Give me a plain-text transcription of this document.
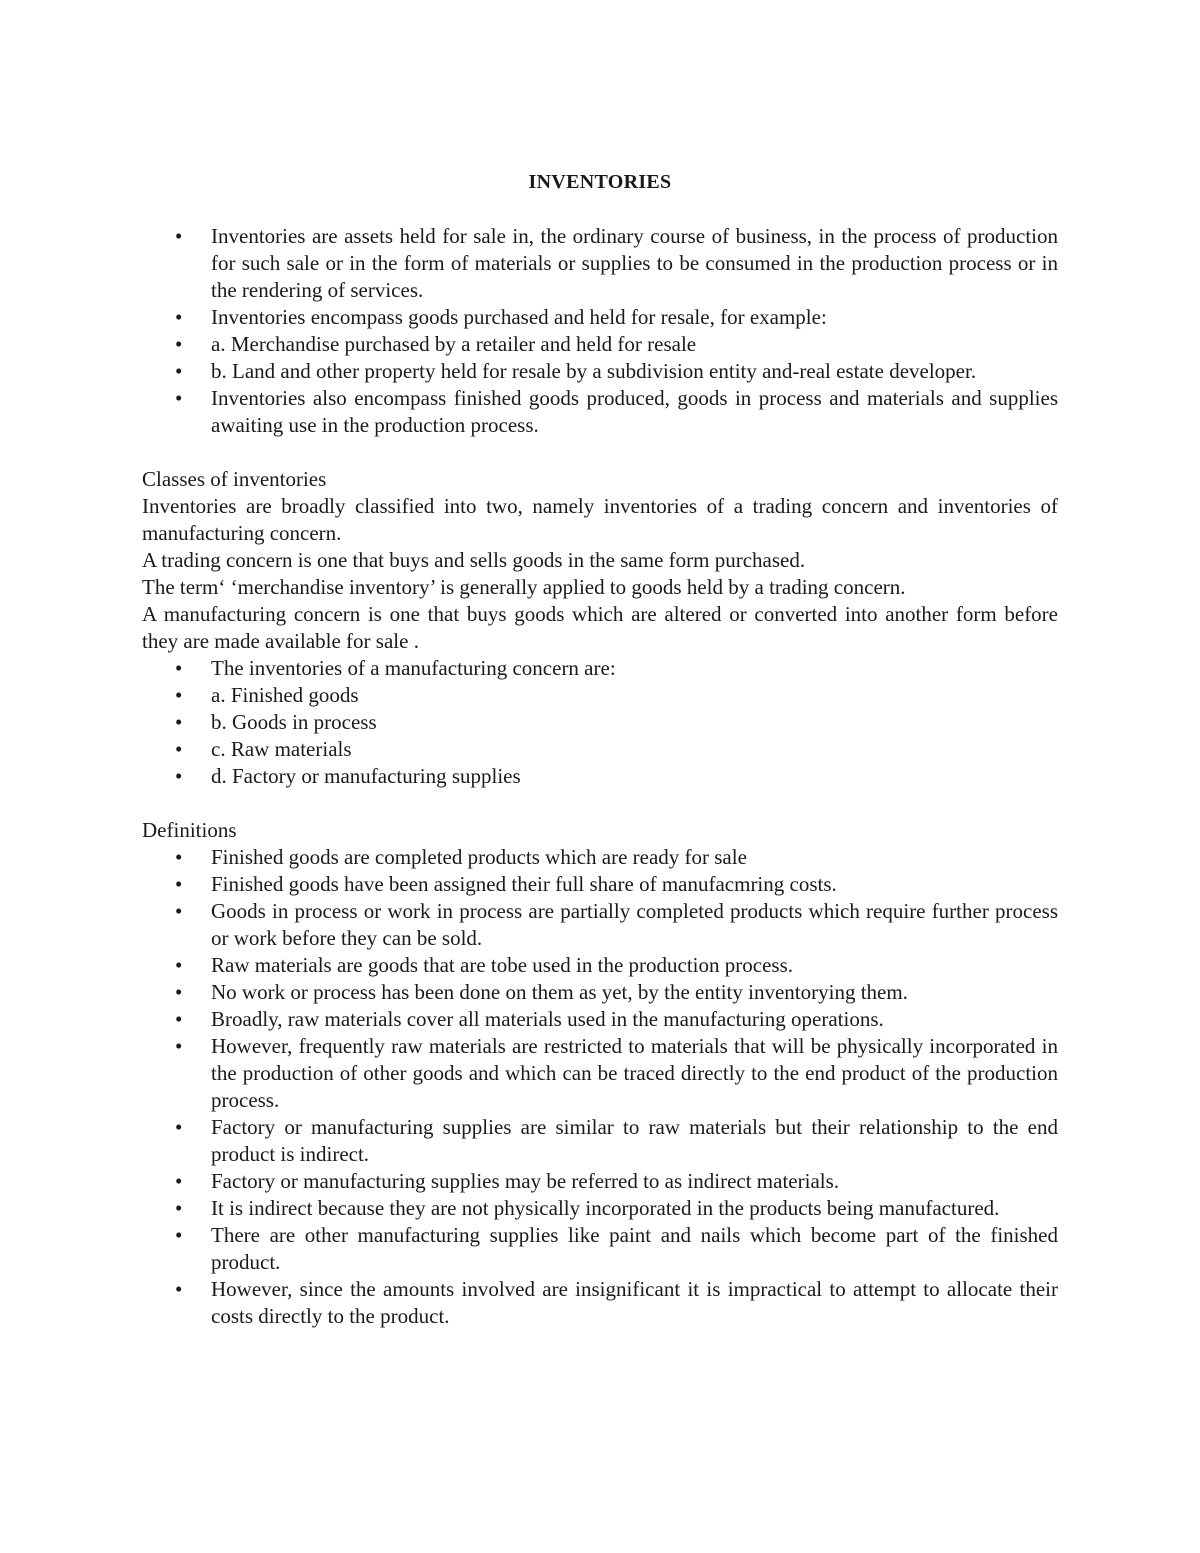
INVENTORIES
•	Inventories are assets held for sale in, the ordinary course of business, in the process of production for such sale or in the form of materials or supplies to be consumed in the production process or in the rendering of services.
•	Inventories encompass goods purchased and held for resale, for example:
•	a. Merchandise purchased by a retailer and held for resale
•	b. Land and other property held for resale by a subdivision entity and-real estate developer.
•	Inventories also encompass finished goods produced, goods in process and materials and supplies awaiting use in the production process.

Classes of inventories

Inventories are broadly classified into two, namely inventories of a trading concern and inventories of manufacturing concern.

A trading concern is one that buys and sells goods in the same form purchased.

The term‘ ‘merchandise inventory’ is generally applied to goods held by a trading concern.

A manufacturing concern is one that buys goods which are altered or converted into another form before they are made available for sale .

•	The inventories of a manufacturing concern are:
•	a. Finished goods
•	b. Goods in process
•	c. Raw materials
•	d. Factory or manufacturing supplies

Definitions

•	Finished goods are completed products which are ready for sale
•	Finished goods have been assigned their full share of manufacmring costs.
•	Goods in process or work in process are partially completed products which require further process or work before they can be sold.
•	Raw materials are goods that are tobe used in the production process.
•	No work or process has been done on them as yet, by the entity inventorying them.
•	Broadly, raw materials cover all materials used in the manufacturing operations.
•	However, frequently raw materials are restricted to materials that will be physically incorporated in the production of other goods and which can be traced directly to the end product of the production process.
•	Factory or manufacturing supplies are similar to raw materials but their relationship to the end product is indirect.
•	Factory or manufacturing supplies may be referred to as indirect materials.
•	It is indirect because they are not physically incorporated in the products being manufactured.
•	There are other manufacturing supplies like paint and nails which become part of the finished product.
•	However, since the amounts involved are insignificant it is impractical to attempt to allocate their costs directly to the product.
